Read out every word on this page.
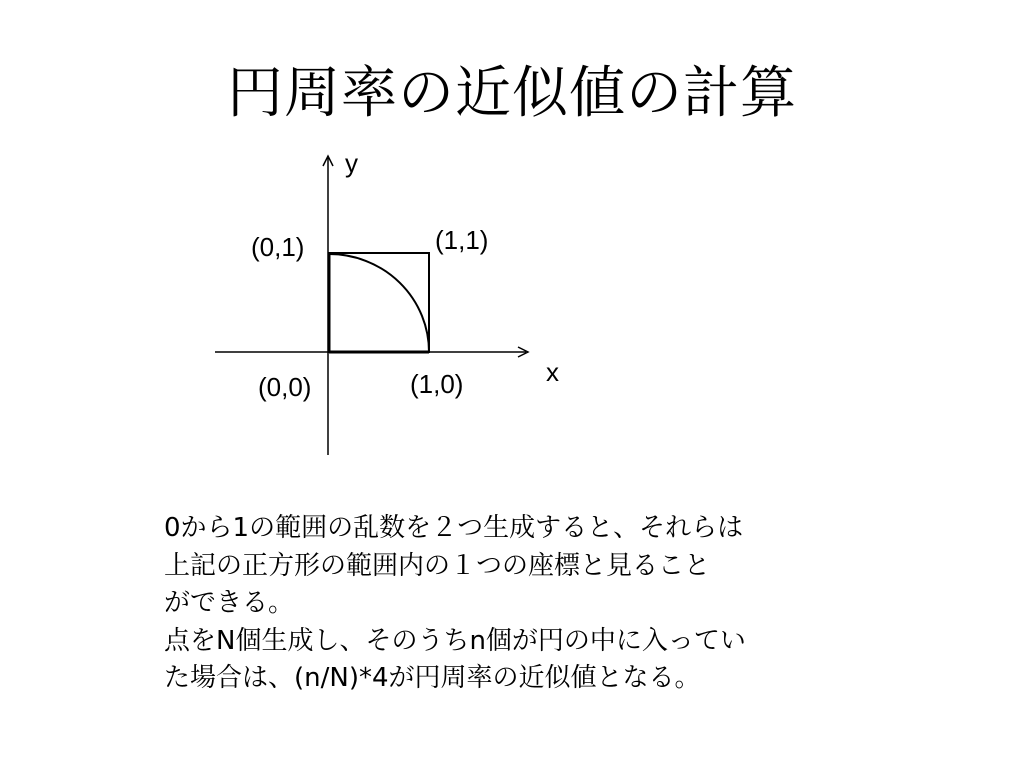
円周率の近似値の計算
y
x
(0,1)	(1,1)
(0,0)	(1,0)
0から1の範囲の乱数を２つ生成すると、それらは
上記の正方形の範囲内の１つの座標と見ること
ができる。
点をN個生成し、そのうちn個が円の中に入ってい
た場合は、(n/N)*4が円周率の近似値となる。
